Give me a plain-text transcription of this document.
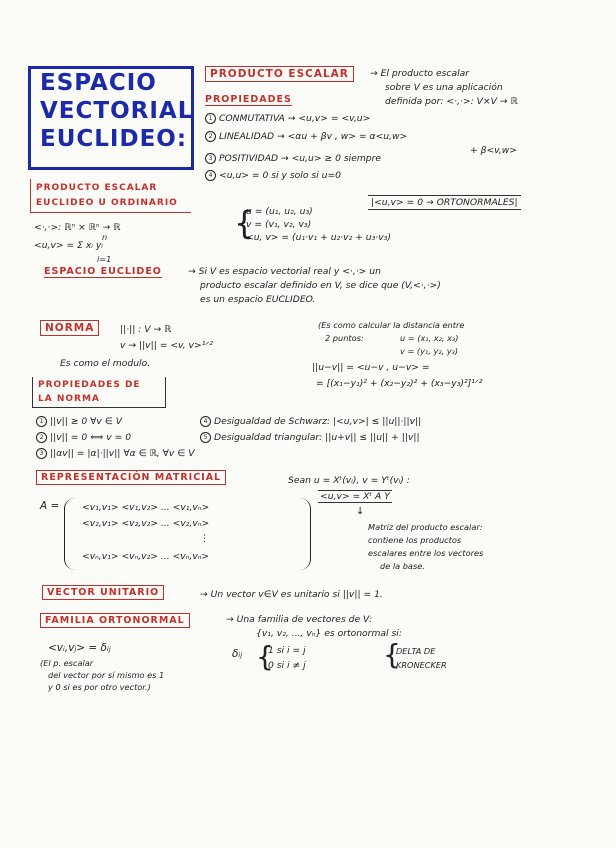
ESPACIO
VECTORIAL
EUCLIDEO:
PRODUCTO ESCALAR	→ El producto escalar
sobre V es una aplicación
definida por: <·,·>: V×V → ℝ
PROPIEDADES
1 CONMUTATIVA → <u,v> = <v,u>
2 LINEALIDAD → <αu + βv , w> = α<u,w>
+ β<v,w>
3 POSITIVIDAD → <u,u> ≥ 0 siempre
4 <u,u> = 0 si y solo si u=0
|<u,v> = 0 → ORTONORMALES|
PRODUCTO ESCALAR
EUCLIDEO U ORDINARIO
<·,·>: ℝⁿ × ℝⁿ → ℝ
<u,v> = Σ xᵢ yᵢ
n
i=1
{
u = (u₁, u₂, u₃)
v = (v₁, v₂, v₃)
<u, v> = (u₁·v₁ + u₂·v₂ + u₃·v₃)
ESPACIO EUCLIDEO	→ Si V es espacio vectorial real y <·,·> un
producto escalar definido en V, se dice que (V,<·,·>)
es un espacio EUCLIDEO.
NORMA	||·|| : V → ℝ
v → ||v|| = <v, v>¹ᐟ²
Es como el modulo.
(Es como calcular la distancia entre
2 puntos:	u = (x₁, x₂, x₃)
v = (y₁, y₂, y₃)
||u−v|| = <u−v , u−v> =
= [(x₁−y₁)² + (x₂−y₂)² + (x₃−y₃)²]¹ᐟ²
PROPIEDADES DE
LA NORMA
1 ||v|| ≥ 0 ∀v ∈ V
2 ||v|| = 0 ⟺ v = 0
3 ||αv|| = |α|·||v|| ∀α ∈ ℝ, ∀v ∈ V
4 Desigualdad de Schwarz: |<u,v>| ≤ ||u||·||v||
5 Desigualdad triangular: ||u+v|| ≤ ||u|| + ||v||
REPRESENTACIÓN MATRICIAL	Sean u = Xᵗ(vᵢ), v = Yᵗ(vᵢ) :
<u,v> = Xᵗ A Y
A = <v₁,v₁> <v₁,v₂> ... <v₁,vₙ>
<v₂,v₁> <v₂,v₂> ... <v₂,vₙ>
⋮
<vₙ,v₁> <vₙ,v₂> ... <vₙ,vₙ>
↓
Matriz del producto escalar:
contiene los productos
escalares entre los vectores
de la base.
VECTOR UNITARIO	→ Un vector v∈V es unitario si ||v|| = 1.
FAMILIA ORTONORMAL	→ Una familia de vectores de V:
{v₁, v₂, ..., vₙ} es ortonormal si:
<vᵢ,vⱼ> = δᵢⱼ
(El p. escalar
del vector por sí mismo es 1
y 0 si es por otro vector.)
δᵢⱼ {
1 si i = j
0 si i ≠ j	{
DELTA DE
KRONECKER
